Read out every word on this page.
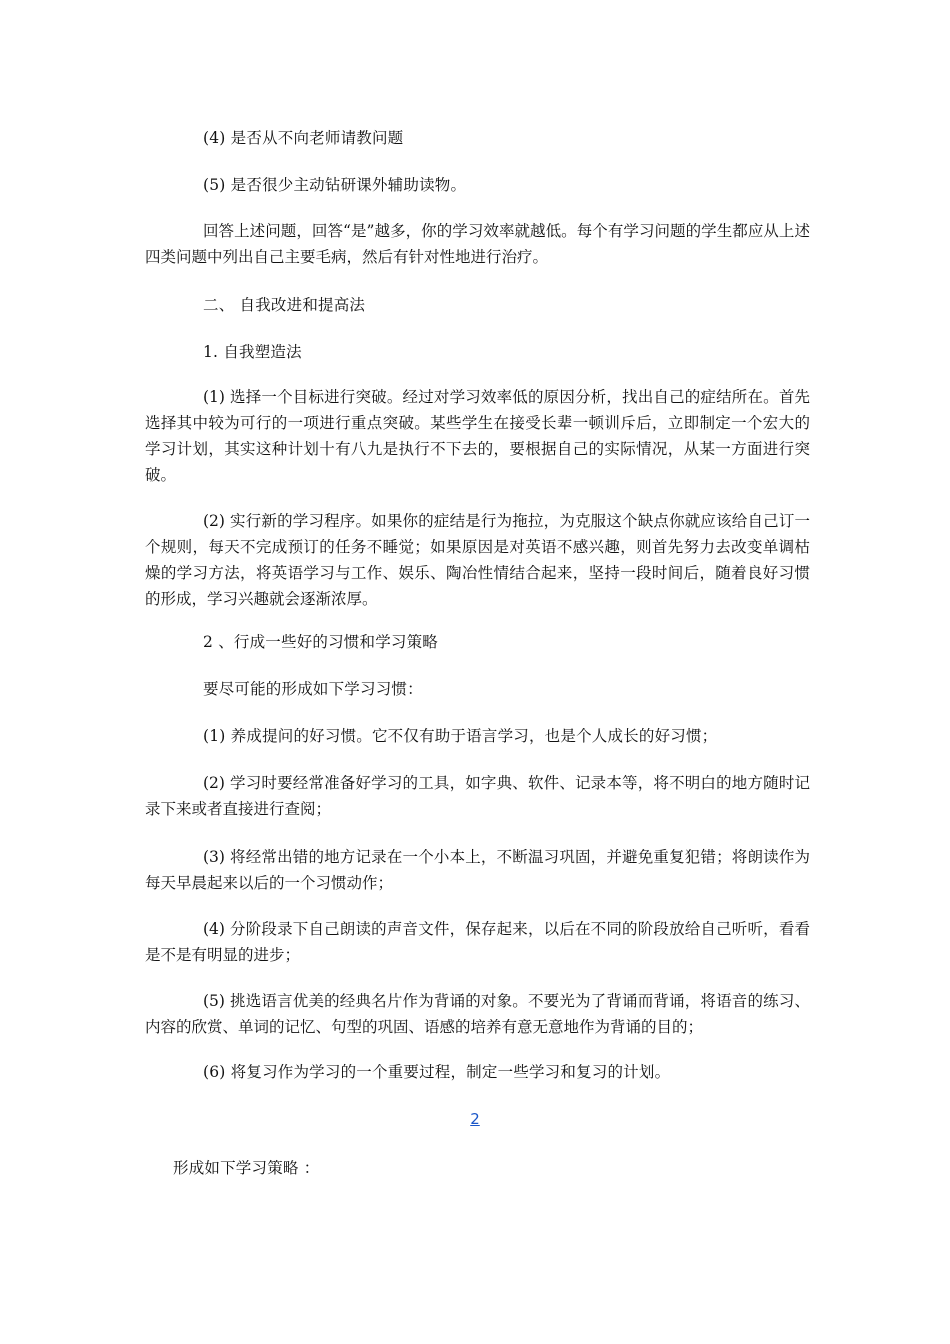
(4) 是否从不向老师请教问题
(5) 是否很少主动钻研课外辅助读物。

回答上述问题，回答“是”越多，你的学习效率就越低。每个有学习问题的学生都应从上述四类问题中列出自己主要毛病，然后有针对性地进行治疗。

二、 自我改进和提高法
1. 自我塑造法

(1) 选择一个目标进行突破。经过对学习效率低的原因分析，找出自己的症结所在。首先选择其中较为可行的一项进行重点突破。某些学生在接受长辈一顿训斥后，立即制定一个宏大的学习计划，其实这种计划十有八九是执行不下去的，要根据自己的实际情况，从某一方面进行突破。

(2) 实行新的学习程序。如果你的症结是行为拖拉，为克服这个缺点你就应该给自己订一个规则，每天不完成预订的任务不睡觉；如果原因是对英语不感兴趣，则首先努力去改变单调枯燥的学习方法，将英语学习与工作、娱乐、陶冶性情结合起来，坚持一段时间后，随着良好习惯的形成，学习兴趣就会逐渐浓厚。

2 、行成一些好的习惯和学习策略
要尽可能的形成如下学习习惯：
(1) 养成提问的好习惯。它不仅有助于语言学习，也是个人成长的好习惯；

(2) 学习时要经常准备好学习的工具，如字典、软件、记录本等，将不明白的地方随时记录下来或者直接进行查阅；

(3) 将经常出错的地方记录在一个小本上，不断温习巩固，并避免重复犯错；将朗读作为每天早晨起来以后的一个习惯动作；

(4) 分阶段录下自己朗读的声音文件，保存起来，以后在不同的阶段放给自己听听，看看是不是有明显的进步；

(5) 挑选语言优美的经典名片作为背诵的对象。不要光为了背诵而背诵，将语音的练习、内容的欣赏、单词的记忆、句型的巩固、语感的培养有意无意地作为背诵的目的；

(6) 将复习作为学习的一个重要过程，制定一些学习和复习的计划。
2
形成如下学习策略 ：
